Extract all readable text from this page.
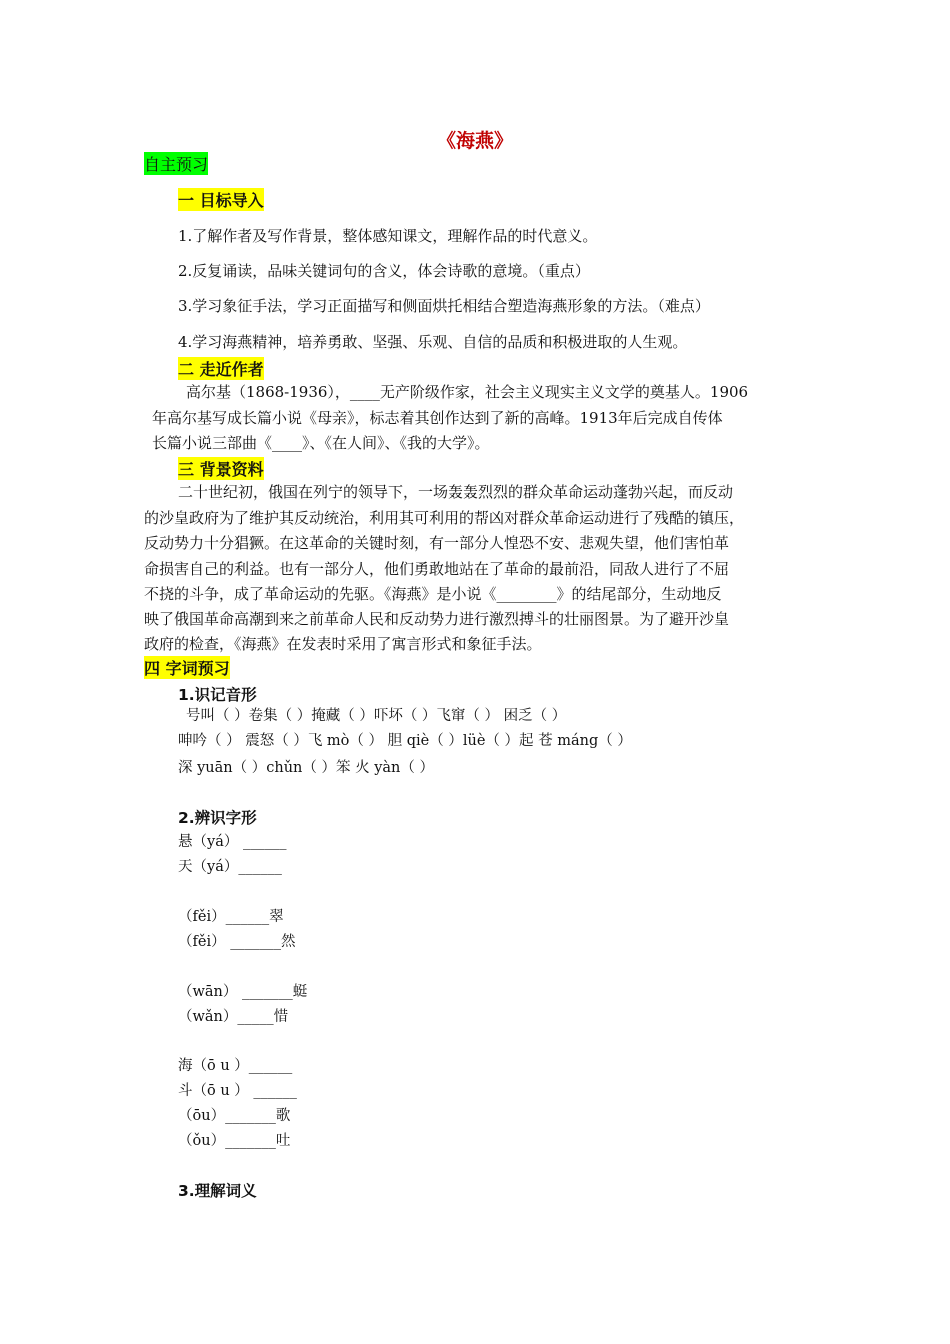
《海燕》
自主预习
一 目标导入
1.了解作者及写作背景，整体感知课文，理解作品的时代意义。
2.反复诵读，品味关键词句的含义，体会诗歌的意境。（重点）
3.学习象征手法，学习正面描写和侧面烘托相结合塑造海燕形象的方法。（难点）
4.学习海燕精神，培养勇敢、坚强、乐观、自信的品质和积极进取的人生观。
二 走近作者
高尔基（1868-1936），____无产阶级作家，社会主义现实主义文学的奠基人。1906
年高尔基写成长篇小说《母亲》，标志着其创作达到了新的高峰。1913年后完成自传体
长篇小说三部曲《____》、《在人间》、《我的大学》。
三 背景资料
二十世纪初，俄国在列宁的领导下，一场轰轰烈烈的群众革命运动蓬勃兴起，而反动
的沙皇政府为了维护其反动统治，利用其可利用的帮凶对群众革命运动进行了残酷的镇压，
反动势力十分猖獗。在这革命的关键时刻，有一部分人惶恐不安、悲观失望，他们害怕革
命损害自己的利益。也有一部分人，他们勇敢地站在了革命的最前沿，同敌人进行了不屈
不挠的斗争，成了革命运动的先驱。《海燕》是小说《________》的结尾部分，生动地反
映了俄国革命高潮到来之前革命人民和反动势力进行激烈搏斗的壮丽图景。为了避开沙皇
政府的检查，《海燕》在发表时采用了寓言形式和象征手法。
四 字词预习
1.识记音形
号叫（ ）卷集（ ）掩藏（ ）吓坏（ ）飞窜（ ） 困乏（ ）
呻吟（ ） 震怒（ ）飞 mò（ ） 胆 qiè（ ）lüè（ ）起 苍 máng（ ）
深 yuān（ ）chǔn（ ）笨 火 yàn（ ）
2.辨识字形
悬（yá） ______
天（yá）______
（fěi）______翠
（fěi） _______然
（wān） _______蜓
（wǎn）_____惜
海（ō u ）______
斗（ō u ） ______
（ōu）_______歌
（ǒu）_______吐
3.理解词义
